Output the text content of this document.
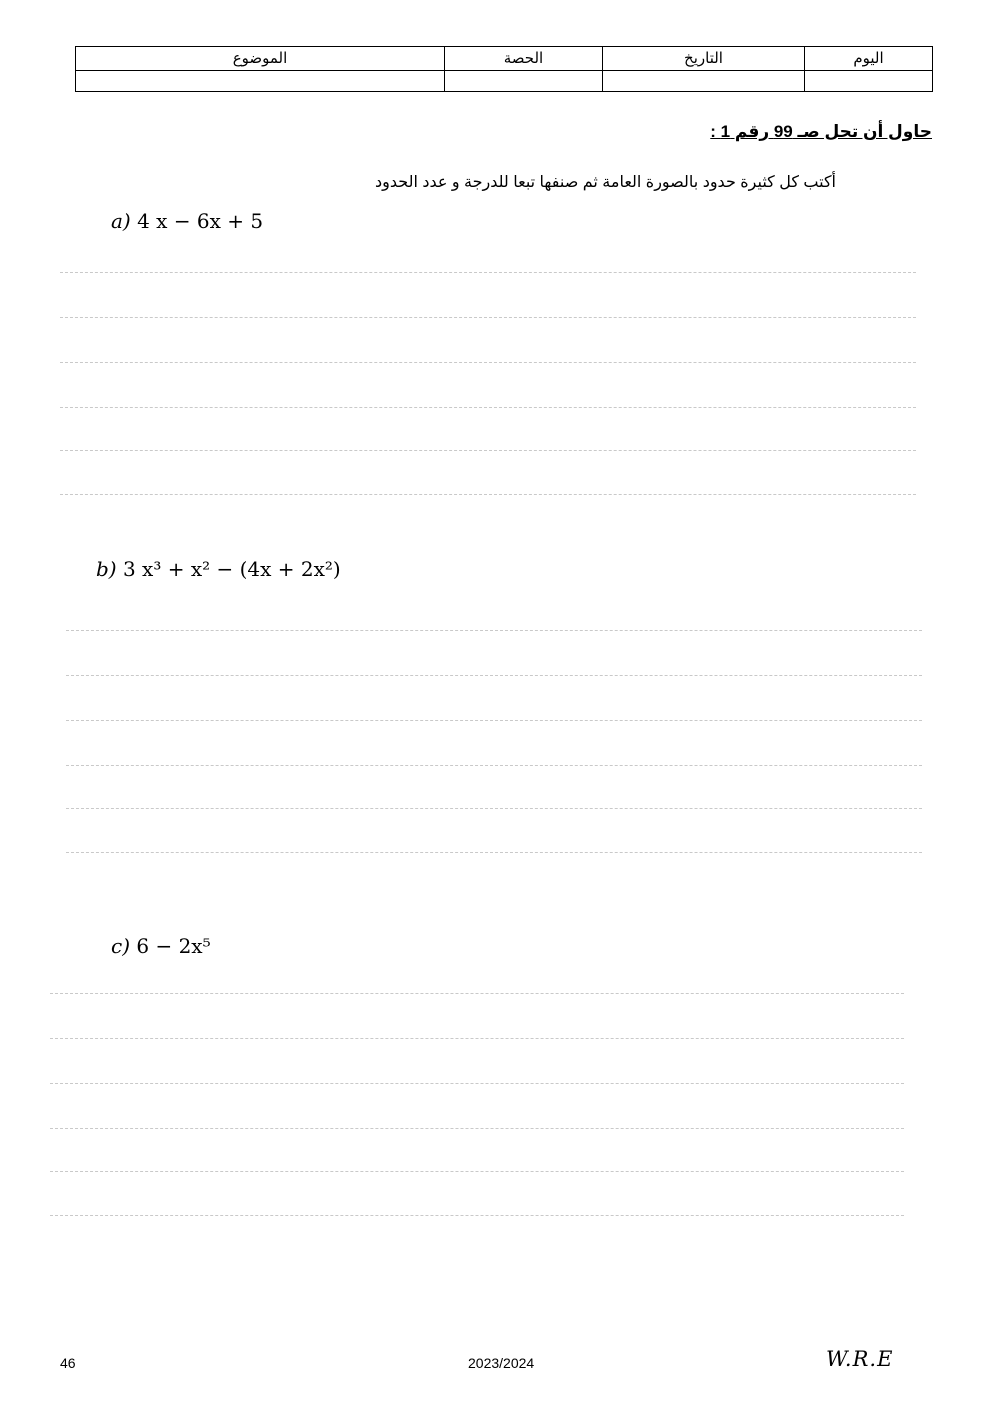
اليوم	التاريخ	الحصة	الموضوع

حاول أن تحل صـ 99 رقم 1 :
أكتب كل كثيرة حدود بالصورة العامة ثم صنفها تبعا للدرجة و عدد الحدود
a) 4 x − 6x + 5
b) 3 x³ + x² − (4x + 2x²)
c) 6 − 2x⁵
46	2023/2024	W.R.E
